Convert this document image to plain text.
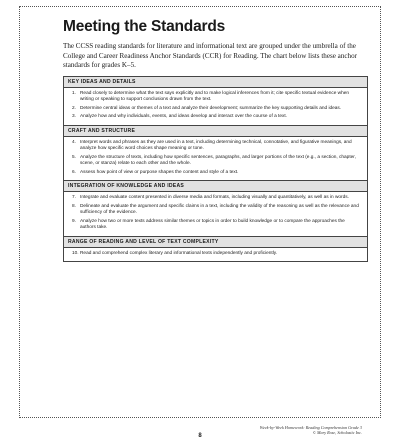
Meeting the Standards

The CCSS reading standards for literature and informational text are grouped under the umbrella of the College and Career Readiness Anchor Standards (CCR) for Reading. The chart below lists these anchor standards for grades K–5.

KEY IDEAS AND DETAILS
1. Read closely to determine what the text says explicitly and to make logical inferences from it; cite specific textual evidence when writing or speaking to support conclusions drawn from the text.
2. Determine central ideas or themes of a text and analyze their development; summarize the key supporting details and ideas.
3. Analyze how and why individuals, events, and ideas develop and interact over the course of a text.
CRAFT AND STRUCTURE
4. Interpret words and phrases as they are used in a text, including determining technical, connotative, and figurative meanings, and analyze how specific word choices shape meaning or tone.
5. Analyze the structure of texts, including how specific sentences, paragraphs, and larger portions of the text (e.g., a section, chapter, scene, or stanza) relate to each other and the whole.
6. Assess how point of view or purpose shapes the content and style of a text.
INTEGRATION OF KNOWLEDGE AND IDEAS
7. Integrate and evaluate content presented in diverse media and formats, including visually and quantitatively, as well as in words.
8. Delineate and evaluate the argument and specific claims in a text, including the validity of the reasoning as well as the relevance and sufficiency of the evidence.
9. Analyze how two or more texts address similar themes or topics in order to build knowledge or to compare the approaches the authors take.
RANGE OF READING AND LEVEL OF TEXT COMPLEXITY
10. Read and comprehend complex literary and informational texts independently and proficiently.
Week-by-Week Homework: Reading Comprehension Grade 3
© Mary Rose, Scholastic Inc.
8
